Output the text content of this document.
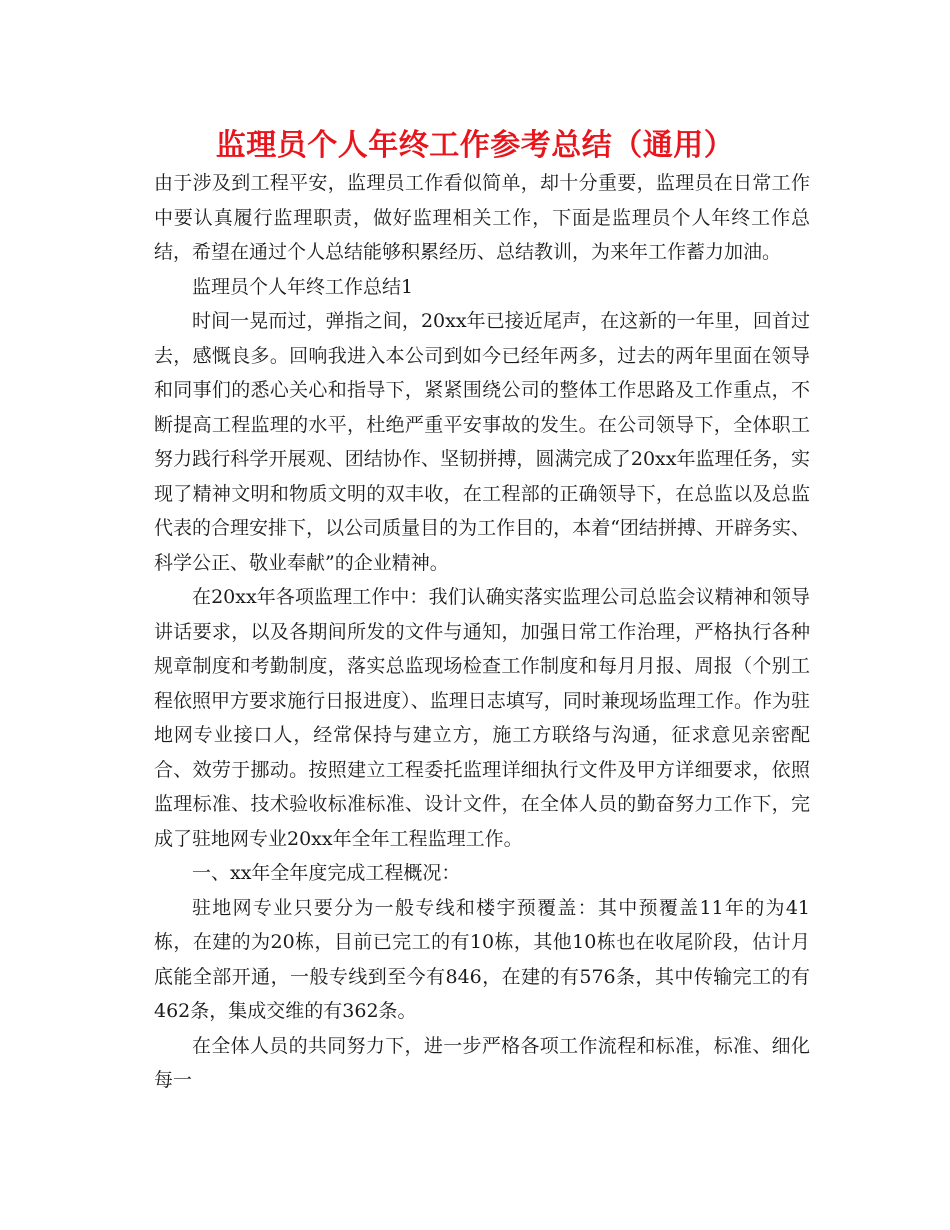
监理员个人年终工作参考总结（通用）

由于涉及到工程平安，监理员工作看似简单，却十分重要，监理员在日常工作中要认真履行监理职责，做好监理相关工作，下面是监理员个人年终工作总结，希望在通过个人总结能够积累经历、总结教训，为来年工作蓄力加油。

监理员个人年终工作总结1

时间一晃而过，弹指之间，20xx年已接近尾声，在这新的一年里，回首过去，感慨良多。回响我进入本公司到如今已经年两多，过去的两年里面在领导和同事们的悉心关心和指导下，紧紧围绕公司的整体工作思路及工作重点，不断提高工程监理的水平，杜绝严重平安事故的发生。在公司领导下，全体职工努力践行科学开展观、团结协作、坚韧拼搏，圆满完成了20xx年监理任务，实现了精神文明和物质文明的双丰收，在工程部的正确领导下，在总监以及总监代表的合理安排下，以公司质量目的为工作目的，本着“团结拼搏、开辟务实、科学公正、敬业奉献”的企业精神。

在20xx年各项监理工作中：我们认确实落实监理公司总监会议精神和领导讲话要求，以及各期间所发的文件与通知，加强日常工作治理，严格执行各种规章制度和考勤制度，落实总监现场检查工作制度和每月月报、周报（个别工程依照甲方要求施行日报进度）、监理日志填写，同时兼现场监理工作。作为驻地网专业接口人，经常保持与建立方，施工方联络与沟通，征求意见亲密配合、效劳于挪动。按照建立工程委托监理详细执行文件及甲方详细要求，依照监理标准、技术验收标准标准、设计文件，在全体人员的勤奋努力工作下，完成了驻地网专业20xx年全年工程监理工作。

一、xx年全年度完成工程概况：

驻地网专业只要分为一般专线和楼宇预覆盖：其中预覆盖11年的为41栋，在建的为20栋，目前已完工的有10栋，其他10栋也在收尾阶段，估计月底能全部开通，一般专线到至今有846，在建的有576条，其中传输完工的有462条，集成交维的有362条。

在全体人员的共同努力下，进一步严格各项工作流程和标准，标准、细化每一
